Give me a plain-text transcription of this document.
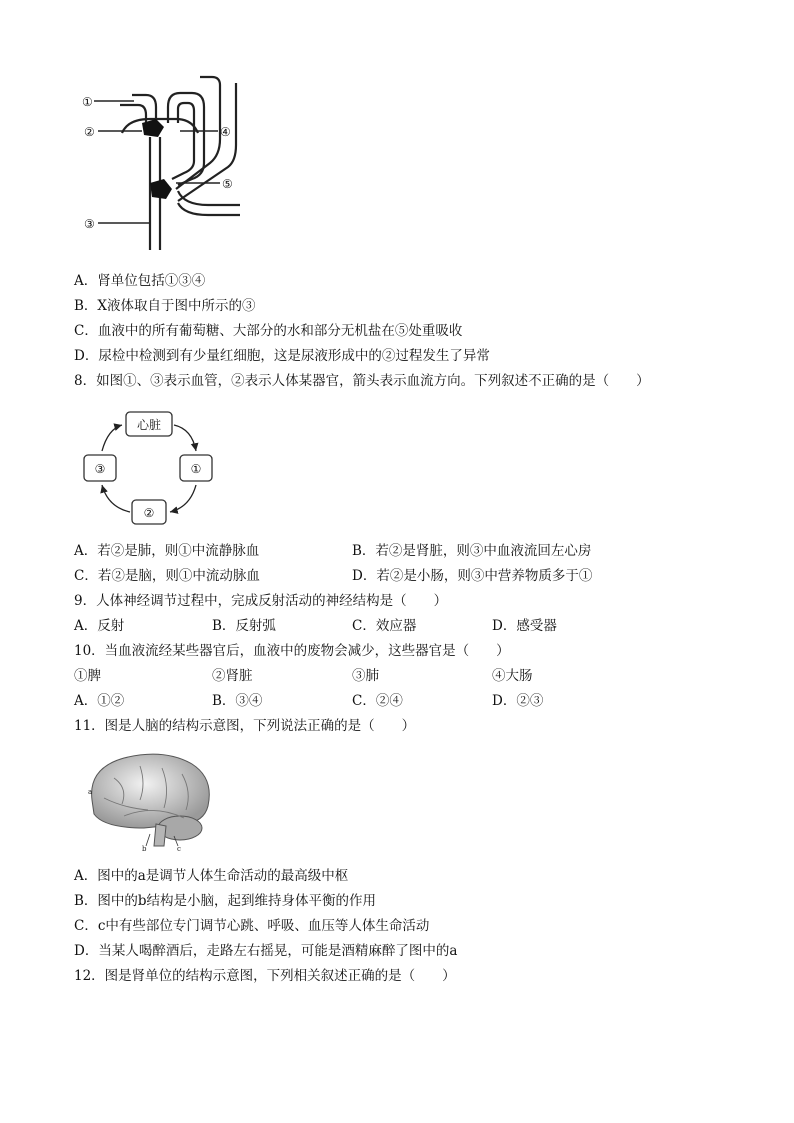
①
②	④
⑤
③
A．肾单位包括①③④
B．X液体取自于图中所示的③
C．血液中的所有葡萄糖、大部分的水和部分无机盐在⑤处重吸收
D．尿检中检测到有少量红细胞，这是尿液形成中的②过程发生了异常
8．如图①、③表示血管，②表示人体某器官，箭头表示血流方向。下列叙述不正确的是（　　）
心脏
①
②
③
A．若②是肺，则①中流静脉血	B．若②是肾脏，则③中血液流回左心房
C．若②是脑，则①中流动脉血	D．若②是小肠，则③中营养物质多于①
9．人体神经调节过程中，完成反射活动的神经结构是（　　）
A．反射	B．反射弧	C．效应器	D．感受器
10．当血液流经某些器官后，血液中的废物会减少，这些器官是（　　）
①脾	②肾脏	③肺	④大肠
A．①②	B．③④	C．②④	D．②③
11．图是人脑的结构示意图，下列说法正确的是（　　）
a
b	c
A．图中的a是调节人体生命活动的最高级中枢
B．图中的b结构是小脑，起到维持身体平衡的作用
C．c中有些部位专门调节心跳、呼吸、血压等人体生命活动
D．当某人喝醉酒后，走路左右摇晃，可能是酒精麻醉了图中的a
12．图是肾单位的结构示意图，下列相关叙述正确的是（　　）
